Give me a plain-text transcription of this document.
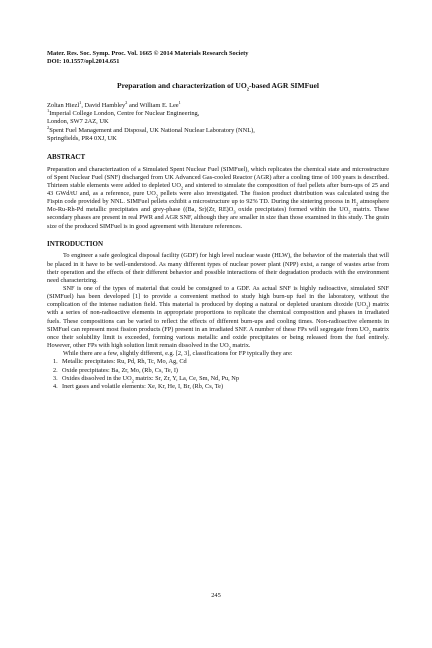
Mater. Res. Soc. Symp. Proc. Vol. 1665 © 2014 Materials Research Society

DOI: 10.1557/opl.2014.651

Preparation and characterization of $UO_2$-based AGR SIMFuel

Zoltan Hiezl$^1$, David Hambley$^2$ and William E. Lee$^1$

$^1$Imperial College London, Centre for Nuclear Engineering,

London, SW7 2AZ, UK

$^2$Spent Fuel Management and Disposal, UK National Nuclear Laboratory (NNL),

Springfields, PR4 0XJ, UK

ABSTRACT

Preparation and characterization of a Simulated Spent Nuclear Fuel (SIMFuel), which replicates the chemical state and microstructure of Spent Nuclear Fuel (SNF) discharged from UK Advanced Gas-cooled Reactor (AGR) after a cooling time of 100 years is described. Thirteen stable elements were added to depleted $UO_2$ and sintered to simulate the composition of fuel pellets after burn-ups of 25 and 43 GWd/tU and, as a reference, pure $UO_2$ pellets were also investigated. The fission product distribution was calculated using the Fispin code provided by NNL. SIMFuel pellets exhibit a microstructure up to 92% TD. During the sintering process in $H_2$ atmosphere Mo-Ru-Rh-Pd metallic precipitates and grey-phase ((Ba, Sr)(Zr, $RE)O_3$ oxide precipitates) formed within the $UO_2$ matrix. These secondary phases are present in real PWR and AGR SNF, although they are smaller in size than those examined in this study. The grain size of the produced SIMFuel is in good agreement with literature references.

INTRODUCTION

To engineer a safe geological disposal facility (GDF) for high level nuclear waste (HLW), the behavior of the materials that will be placed in it have to be well-understood. As many different types of nuclear power plant (NPP) exist, a range of wastes arise from their operation and the effects of their different behavior and possible interactions of their degradation products with the environment need characterizing.

SNF is one of the types of material that could be consigned to a GDF. As actual SNF is highly radioactive, simulated SNF (SIMFuel) has been developed [1] to provide a convenient method to study high burn-up fuel in the laboratory, without the complication of the intense radiation field. This material is produced by doping a natural or depleted uranium dioxide $(UO_2)$ matrix with a series of non-radioactive elements in appropriate proportions to replicate the chemical composition and phases in irradiated fuels. These compositions can be varied to reflect the effects of different burn-ups and cooling times. Non-radioactive elements in SIMFuel can represent most fission products (FP) present in an irradiated SNF. A number of these FPs will segregate from $UO_2$ matrix once their solubility limit is exceeded, forming various metallic and oxide precipitates or being released from the fuel entirely. However, other FPs with high solution limit remain dissolved in the $UO_2$ matrix.

While there are a few, slightly different, e.g. [2, 3], classifications for FP typically they are:

1. Metallic precipitates: Ru, Pd, Rh, Tc, Mo, Ag, Cd
2. Oxide precipitates: Ba, Zr, Mo, (Rb, Cs, Te, I)
3. Oxides dissolved in the $UO_2$ matrix: Sr, Zr, Y, La, Ce, Sm, Nd, Pu, Np
4. Inert gases and volatile elements: Xe, Kr, He, I, Br, (Rb, Cs, Te)
245
